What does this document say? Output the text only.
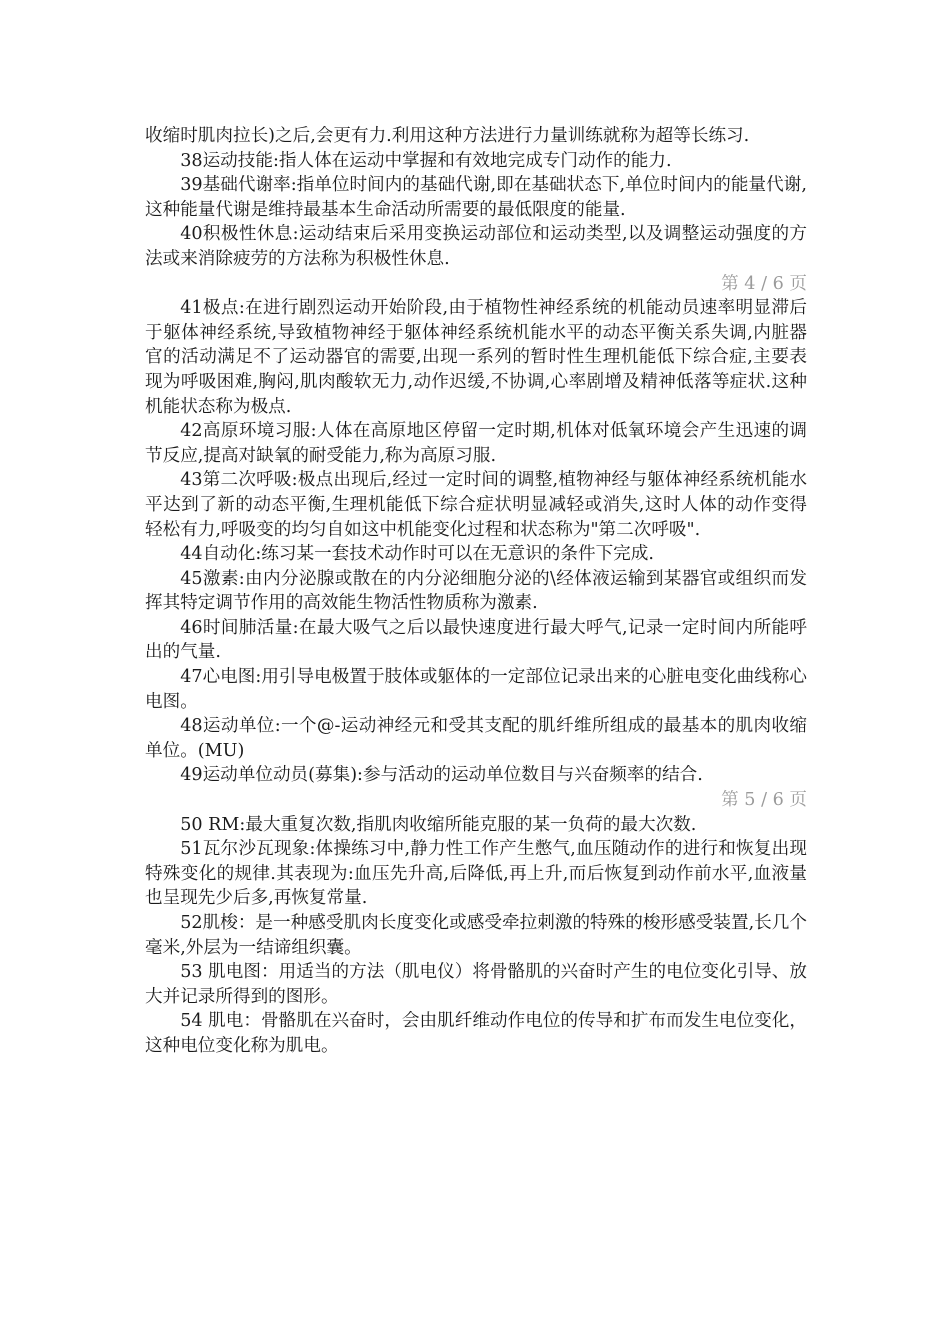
收缩时肌肉拉长)之后,会更有力.利用这种方法进行力量训练就称为超等长练习.

38运动技能:指人体在运动中掌握和有效地完成专门动作的能力.

39基础代谢率:指单位时间内的基础代谢,即在基础状态下,单位时间内的能量代谢,这种能量代谢是维持最基本生命活动所需要的最低限度的能量.

40积极性休息:运动结束后采用变换运动部位和运动类型,以及调整运动强度的方法或来消除疲劳的方法称为积极性休息.

第 4 / 6 页

41极点:在进行剧烈运动开始阶段,由于植物性神经系统的机能动员速率明显滞后于躯体神经系统,导致植物神经于躯体神经系统机能水平的动态平衡关系失调,内脏器官的活动满足不了运动器官的需要,出现一系列的暂时性生理机能低下综合症,主要表现为呼吸困难,胸闷,肌肉酸软无力,动作迟缓,不协调,心率剧增及精神低落等症状.这种机能状态称为极点.

42高原环境习服:人体在高原地区停留一定时期,机体对低氧环境会产生迅速的调节反应,提高对缺氧的耐受能力,称为高原习服.

43第二次呼吸:极点出现后,经过一定时间的调整,植物神经与躯体神经系统机能水平达到了新的动态平衡,生理机能低下综合症状明显减轻或消失,这时人体的动作变得轻松有力,呼吸变的均匀自如这中机能变化过程和状态称为"第二次呼吸".

44自动化:练习某一套技术动作时可以在无意识的条件下完成.

45激素:由内分泌腺或散在的内分泌细胞分泌的\经体液运输到某器官或组织而发挥其特定调节作用的高效能生物活性物质称为激素.

46时间肺活量:在最大吸气之后以最快速度进行最大呼气,记录一定时间内所能呼出的气量.

47心电图:用引导电极置于肢体或躯体的一定部位记录出来的心脏电变化曲线称心电图。

48运动单位:一个@-运动神经元和受其支配的肌纤维所组成的最基本的肌肉收缩单位。(MU)

49运动单位动员(募集):参与活动的运动单位数目与兴奋频率的结合.

第 5 / 6 页

50 RM:最大重复次数,指肌肉收缩所能克服的某一负荷的最大次数.

51瓦尔沙瓦现象:体操练习中,静力性工作产生憋气,血压随动作的进行和恢复出现特殊变化的规律.其表现为:血压先升高,后降低,再上升,而后恢复到动作前水平,血液量也呈现先少后多,再恢复常量.

52肌梭：是一种感受肌肉长度变化或感受牵拉刺激的特殊的梭形感受装置,长几个毫米,外层为一结谛组织囊。

53 肌电图：用适当的方法（肌电仪）将骨骼肌的兴奋时产生的电位变化引导、放大并记录所得到的图形。

54 肌电：骨骼肌在兴奋时，会由肌纤维动作电位的传导和扩布而发生电位变化，这种电位变化称为肌电。
